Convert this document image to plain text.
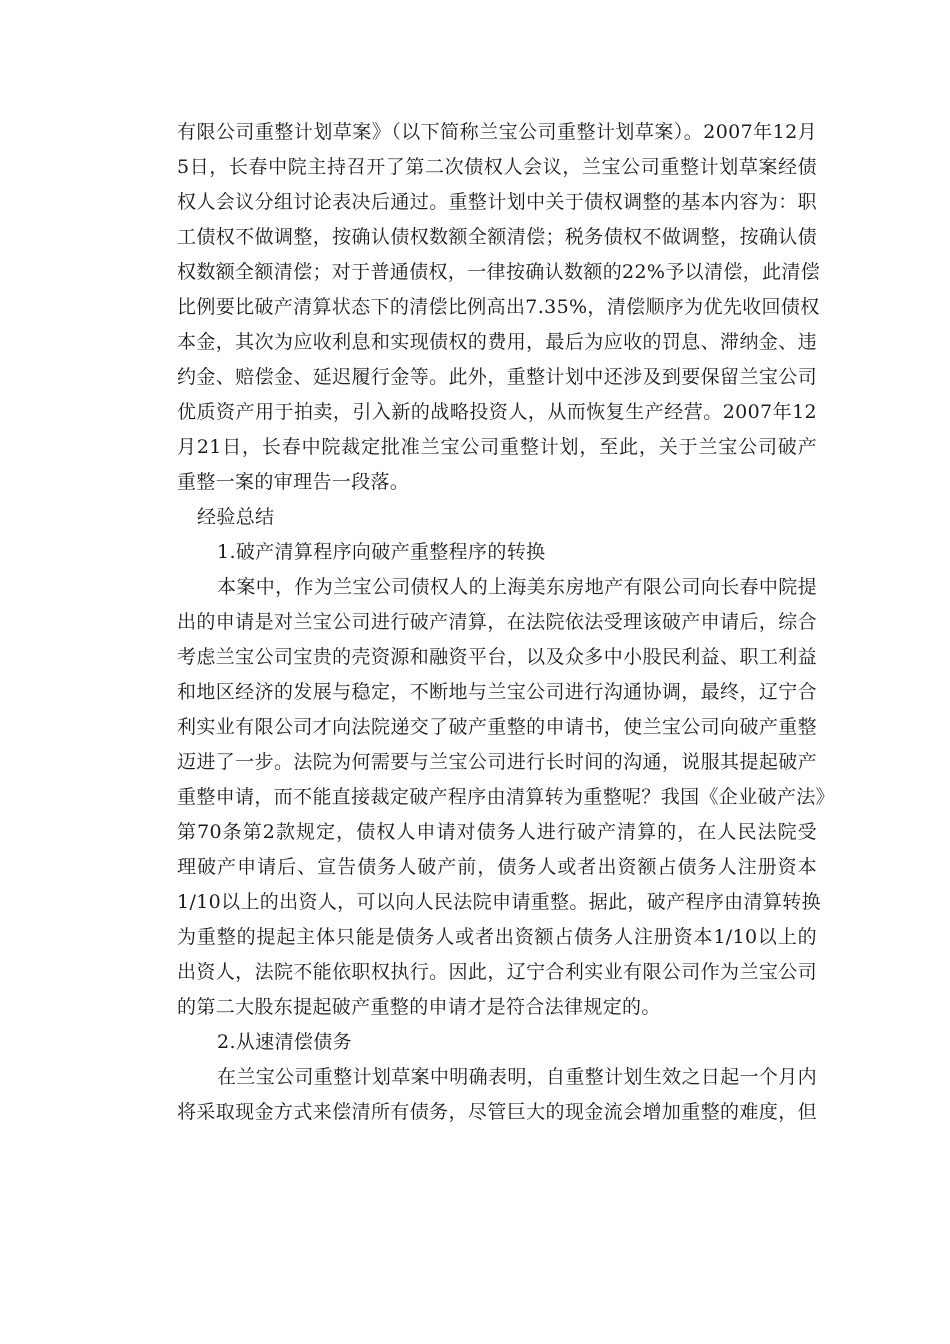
有限公司重整计划草案》（以下简称兰宝公司重整计划草案）。2007年12月
5日，长春中院主持召开了第二次债权人会议，兰宝公司重整计划草案经债
权人会议分组讨论表决后通过。重整计划中关于债权调整的基本内容为：职
工债权不做调整，按确认债权数额全额清偿；税务债权不做调整，按确认债
权数额全额清偿；对于普通债权，一律按确认数额的22%予以清偿，此清偿
比例要比破产清算状态下的清偿比例高出7.35%，清偿顺序为优先收回债权
本金，其次为应收利息和实现债权的费用，最后为应收的罚息、滞纳金、违
约金、赔偿金、延迟履行金等。此外，重整计划中还涉及到要保留兰宝公司
优质资产用于拍卖，引入新的战略投资人，从而恢复生产经营。2007年12
月21日，长春中院裁定批准兰宝公司重整计划，至此，关于兰宝公司破产
重整一案的审理告一段落。
经验总结
1.破产清算程序向破产重整程序的转换
本案中，作为兰宝公司债权人的上海美东房地产有限公司向长春中院提
出的申请是对兰宝公司进行破产清算，在法院依法受理该破产申请后，综合
考虑兰宝公司宝贵的壳资源和融资平台，以及众多中小股民利益、职工利益
和地区经济的发展与稳定，不断地与兰宝公司进行沟通协调，最终，辽宁合
利实业有限公司才向法院递交了破产重整的申请书，使兰宝公司向破产重整
迈进了一步。法院为何需要与兰宝公司进行长时间的沟通，说服其提起破产
重整申请，而不能直接裁定破产程序由清算转为重整呢？我国《企业破产法》
第70条第2款规定，债权人申请对债务人进行破产清算的，在人民法院受
理破产申请后、宣告债务人破产前，债务人或者出资额占债务人注册资本
1/10以上的出资人，可以向人民法院申请重整。据此，破产程序由清算转换
为重整的提起主体只能是债务人或者出资额占债务人注册资本1/10以上的
出资人，法院不能依职权执行。因此，辽宁合利实业有限公司作为兰宝公司
的第二大股东提起破产重整的申请才是符合法律规定的。
2.从速清偿债务
在兰宝公司重整计划草案中明确表明，自重整计划生效之日起一个月内
将采取现金方式来偿清所有债务，尽管巨大的现金流会增加重整的难度，但
